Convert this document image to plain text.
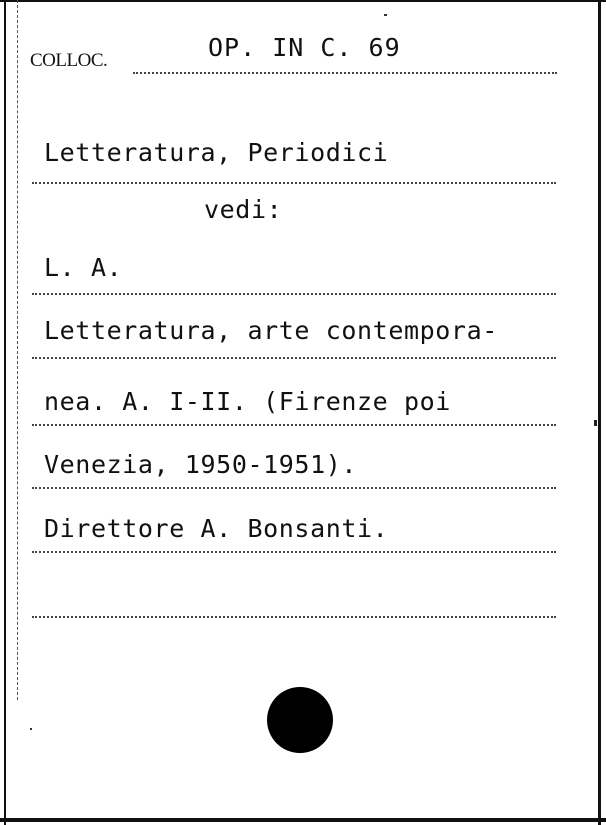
COLLOC.	OP. IN C. 69
Letteratura, Periodici
vedi:
L. A.
Letteratura, arte contempora-
nea. A. I-II. (Firenze poi
Venezia, 1950-1951).
Direttore A. Bonsanti.
